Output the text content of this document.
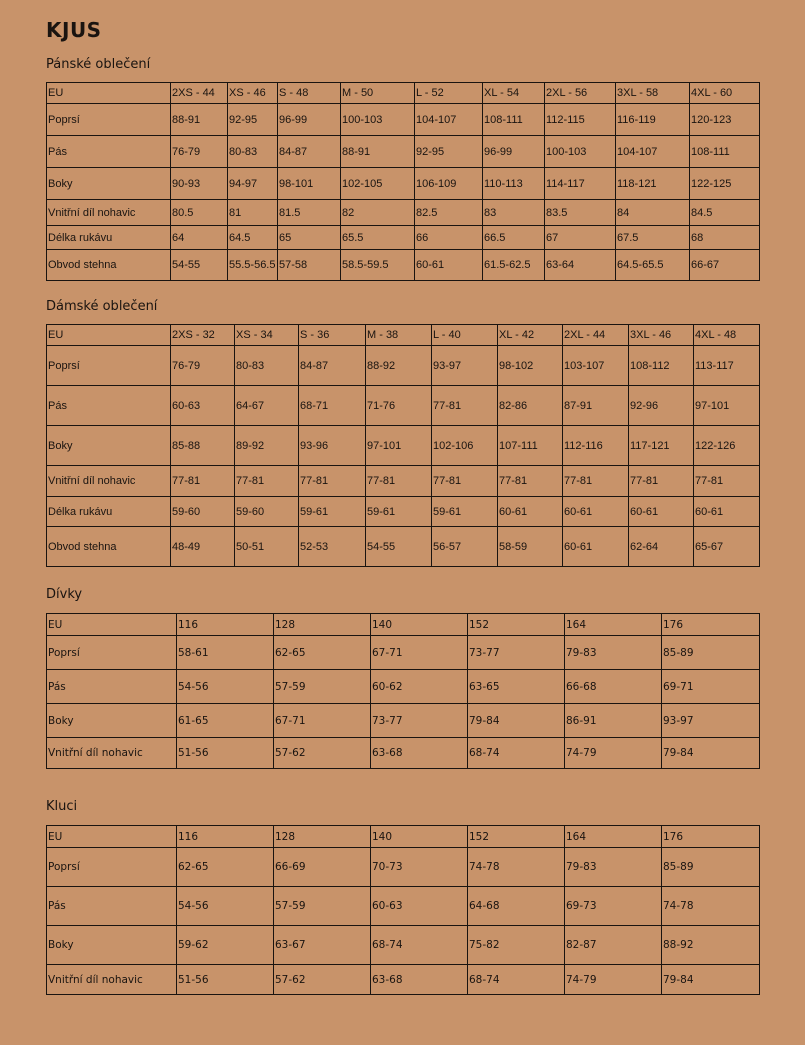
KJUS
Pánské oblečení
EU	2XS - 44	XS - 46	S - 48	M - 50	L - 52	XL - 54	2XL - 56	3XL - 58	4XL - 60
Poprsí	88-91	92-95	96-99	100-103	104-107	108-111	112-115	116-119	120-123
Pás	76-79	80-83	84-87	88-91	92-95	96-99	100-103	104-107	108-111
Boky	90-93	94-97	98-101	102-105	106-109	110-113	114-117	118-121	122-125
Vnitřní díl nohavic	80.5	81	81.5	82	82.5	83	83.5	84	84.5
Délka rukávu	64	64.5	65	65.5	66	66.5	67	67.5	68
Obvod stehna	54-55	55.5-56.5	57-58	58.5-59.5	60-61	61.5-62.5	63-64	64.5-65.5	66-67
Dámské oblečení
EU	2XS - 32	XS - 34	S - 36	M - 38	L - 40	XL - 42	2XL - 44	3XL - 46	4XL - 48
Poprsí	76-79	80-83	84-87	88-92	93-97	98-102	103-107	108-112	113-117
Pás	60-63	64-67	68-71	71-76	77-81	82-86	87-91	92-96	97-101
Boky	85-88	89-92	93-96	97-101	102-106	107-111	112-116	117-121	122-126
Vnitřní díl nohavic	77-81	77-81	77-81	77-81	77-81	77-81	77-81	77-81	77-81
Délka rukávu	59-60	59-60	59-61	59-61	59-61	60-61	60-61	60-61	60-61
Obvod stehna	48-49	50-51	52-53	54-55	56-57	58-59	60-61	62-64	65-67
Dívky
EU	116	128	140	152	164	176
Poprsí	58-61	62-65	67-71	73-77	79-83	85-89
Pás	54-56	57-59	60-62	63-65	66-68	69-71
Boky	61-65	67-71	73-77	79-84	86-91	93-97
Vnitřní díl nohavic	51-56	57-62	63-68	68-74	74-79	79-84
Kluci
EU	116	128	140	152	164	176
Poprsí	62-65	66-69	70-73	74-78	79-83	85-89
Pás	54-56	57-59	60-63	64-68	69-73	74-78
Boky	59-62	63-67	68-74	75-82	82-87	88-92
Vnitřní díl nohavic	51-56	57-62	63-68	68-74	74-79	79-84
